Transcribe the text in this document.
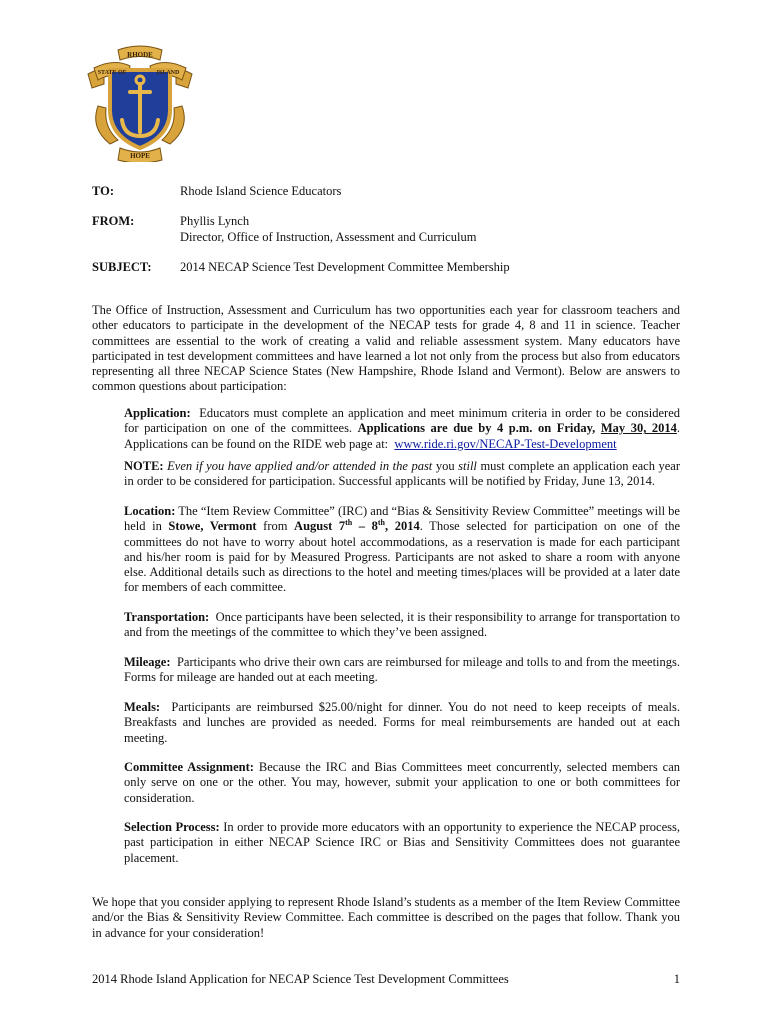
RHODE
STATE OF	ISLAND
HOPE
TO:	Rhode Island Science Educators
FROM:	Phyllis Lynch
Director, Office of Instruction, Assessment and Curriculum
SUBJECT:	2014 NECAP Science Test Development Committee Membership
The Office of Instruction, Assessment and Curriculum has two opportunities each year for classroom teachers and other educators to participate in the development of the NECAP tests for grade 4, 8 and 11 in science. Teacher committees are essential to the work of creating a valid and reliable assessment system. Many educators have participated in test development committees and have learned a lot not only from the process but also from educators representing all three NECAP Science States (New Hampshire, Rhode Island and Vermont). Below are answers to common questions about participation:
Application: Educators must complete an application and meet minimum criteria in order to be considered for participation on one of the committees. Applications are due by 4 p.m. on Friday, May 30, 2014. Applications can be found on the RIDE web page at: www.ride.ri.gov/NECAP-Test-Development
NOTE: Even if you have applied and/or attended in the past you still must complete an application each year in order to be considered for participation. Successful applicants will be notified by Friday, June 13, 2014.
Location: The “Item Review Committee” (IRC) and “Bias & Sensitivity Review Committee” meetings will be held in Stowe, Vermont from August 7th – 8th, 2014. Those selected for participation on one of the committees do not have to worry about hotel accommodations, as a reservation is made for each participant and his/her room is paid for by Measured Progress. Participants are not asked to share a room with anyone else. Additional details such as directions to the hotel and meeting times/places will be provided at a later date for members of each committee.
Transportation: Once participants have been selected, it is their responsibility to arrange for transportation to and from the meetings of the committee to which they’ve been assigned.
Mileage: Participants who drive their own cars are reimbursed for mileage and tolls to and from the meetings. Forms for mileage are handed out at each meeting.
Meals: Participants are reimbursed $25.00/night for dinner. You do not need to keep receipts of meals. Breakfasts and lunches are provided as needed. Forms for meal reimbursements are handed out at each meeting.
Committee Assignment: Because the IRC and Bias Committees meet concurrently, selected members can only serve on one or the other. You may, however, submit your application to one or both committees for consideration.
Selection Process: In order to provide more educators with an opportunity to experience the NECAP process, past participation in either NECAP Science IRC or Bias and Sensitivity Committees does not guarantee placement.
We hope that you consider applying to represent Rhode Island’s students as a member of the Item Review Committee and/or the Bias & Sensitivity Review Committee. Each committee is described on the pages that follow. Thank you in advance for your consideration!
2014 Rhode Island Application for NECAP Science Test Development Committees	1
